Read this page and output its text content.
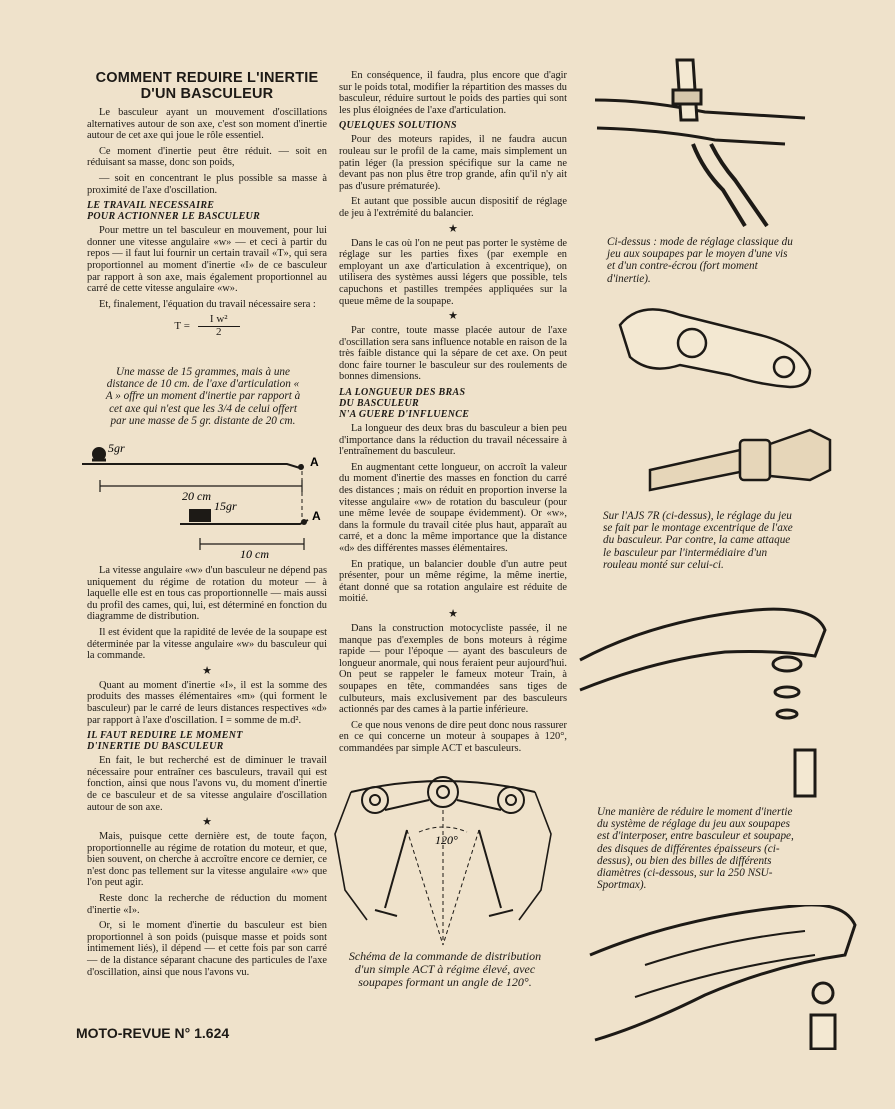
COMMENT REDUIRE L'INERTIE
D'UN BASCULEUR

Le basculeur ayant un mouvement d'oscillations alternatives autour de son axe, c'est son moment d'inertie autour de cet axe qui joue le rôle essentiel.

Ce moment d'inertie peut être réduit. — soit en réduisant sa masse, donc son poids,

— soit en concentrant le plus possible sa masse à proximité de l'axe d'oscillation.

LE TRAVAIL NECESSAIRE
POUR ACTIONNER LE BASCULEUR

Pour mettre un tel basculeur en mouvement, pour lui donner une vitesse angulaire «w» — et ceci à partir du repos — il faut lui fournir un certain travail «T», qui sera proportionnel au moment d'inertie «I» de ce basculeur par rapport à son axe, mais également proportionnel au carré de cette vitesse angulaire «w».

Et, finalement, l'équation du travail nécessaire sera :

$T = \frac{\text{I w²}}{2}$
Une masse de 15 grammes, mais à une distance de 10 cm. de l'axe d'articulation « A » offre un moment d'inertie par rapport à cet axe qui n'est que les 3/4 de celui offert par une masse de 5 gr. distante de 20 cm.
5gr
20 cm
15gr
10 cm
A
A

La vitesse angulaire «w» d'un basculeur ne dépend pas uniquement du régime de rotation du moteur — à laquelle elle est en tous cas proportionnelle — mais aussi du profil des cames, qui, lui, est déterminé en fonction du diagramme de distribution.

Il est évident que la rapidité de levée de la soupape est déterminée par la vitesse angulaire «w» du basculeur qui la commande.

★

Quant au moment d'inertie «I», il est la somme des produits des masses élémentaires «m» (qui forment le basculeur) par le carré de leurs distances respectives «d» par rapport à l'axe d'oscillation. I = somme de m.d².

IL FAUT REDUIRE LE MOMENT
D'INERTIE DU BASCULEUR

En fait, le but recherché est de diminuer le travail nécessaire pour entraîner ces basculeurs, travail qui est fonction, ainsi que nous l'avons vu, du moment d'inertie de ce basculeur et de sa vitesse angulaire d'oscillation autour de son axe.

★

Mais, puisque cette dernière est, de toute façon, proportionnelle au régime de rotation du moteur, et que, bien souvent, on cherche à accroître encore ce dernier, ce n'est donc pas tellement sur la vitesse angulaire «w» que l'on peut agir.

Reste donc la recherche de réduction du moment d'inertie «I».

Or, si le moment d'inertie du basculeur est bien proportionnel à son poids (puisque masse et poids sont intimement liés), il dépend — et cette fois par son carré — de la distance séparant chacune des particules de l'axe d'oscillation, ainsi que nous l'avons vu.

En conséquence, il faudra, plus encore que d'agir sur le poids total, modifier la répartition des masses du basculeur, réduire surtout le poids des parties qui sont les plus éloignées de l'axe d'articulation.

QUELQUES SOLUTIONS

Pour des moteurs rapides, il ne faudra aucun rouleau sur le profil de la came, mais simplement un patin léger (la pression spécifique sur la came ne devant pas non plus être trop grande, afin qu'il n'y ait pas d'usure prématurée).

Et autant que possible aucun dispositif de réglage de jeu à l'extrémité du balancier.

★

Dans le cas où l'on ne peut pas porter le système de réglage sur les parties fixes (par exemple en employant un axe d'articulation à excentrique), on utilisera des systèmes aussi légers que possible, tels capuchons et pastilles trempées appliquées sur la queue même de la soupape.

★

Par contre, toute masse placée autour de l'axe d'oscillation sera sans influence notable en raison de la très faible distance qui la sépare de cet axe. On peut donc faire tourner le basculeur sur des roulements de bonnes dimensions.

LA LONGUEUR DES BRAS
DU BASCULEUR
N'A GUERE D'INFLUENCE

La longueur des deux bras du basculeur a bien peu d'importance dans la réduction du travail nécessaire à l'entraînement du basculeur.

En augmentant cette longueur, on accroît la valeur du moment d'inertie des masses en fonction du carré des distances ; mais on réduit en proportion inverse la vitesse angulaire «w» de rotation du basculeur (pour une même levée de soupape évidemment). Or «w», dans la formule du travail citée plus haut, apparaît au carré, et a donc la même importance que la distance «d» des différentes masses élémentaires.

En pratique, un balancier double d'un autre peut présenter, pour un même régime, la même inertie, étant donné que sa rotation angulaire est réduite de moitié.

★

Dans la construction motocycliste passée, il ne manque pas d'exemples de bons moteurs à régime rapide — pour l'époque — ayant des basculeurs de longueur anormale, qui nous feraient peur aujourd'hui. On peut se rappeler le fameux moteur Train, à soupapes en tête, commandées sans tiges de culbuteurs, mais exclusivement par des basculeurs actionnés par des cames à la partie inférieure.

Ce que nous venons de dire peut donc nous rassurer en ce qui concerne un moteur à soupapes à 120°, commandées par simple ACT et basculeurs.

120°
Schéma de la commande de distribution d'un simple ACT à régime élevé, avec soupapes formant un angle de 120°.
Ci-dessus : mode de réglage classique du jeu aux soupapes par le moyen d'une vis et d'un contre-écrou (fort moment d'inertie).
Sur l'AJS 7R (ci-dessus), le réglage du jeu se fait par le montage excentrique de l'axe du basculeur. Par contre, la came attaque le basculeur par l'intermédiaire d'un rouleau monté sur celui-ci.
Une manière de réduire le moment d'inertie du système de réglage du jeu aux soupapes est d'interposer, entre basculeur et soupape, des disques de différentes épaisseurs (ci-dessus), ou bien des billes de différents diamètres (ci-dessous, sur la 250 NSU-Sportmax).
MOTO-REVUE N° 1.624
